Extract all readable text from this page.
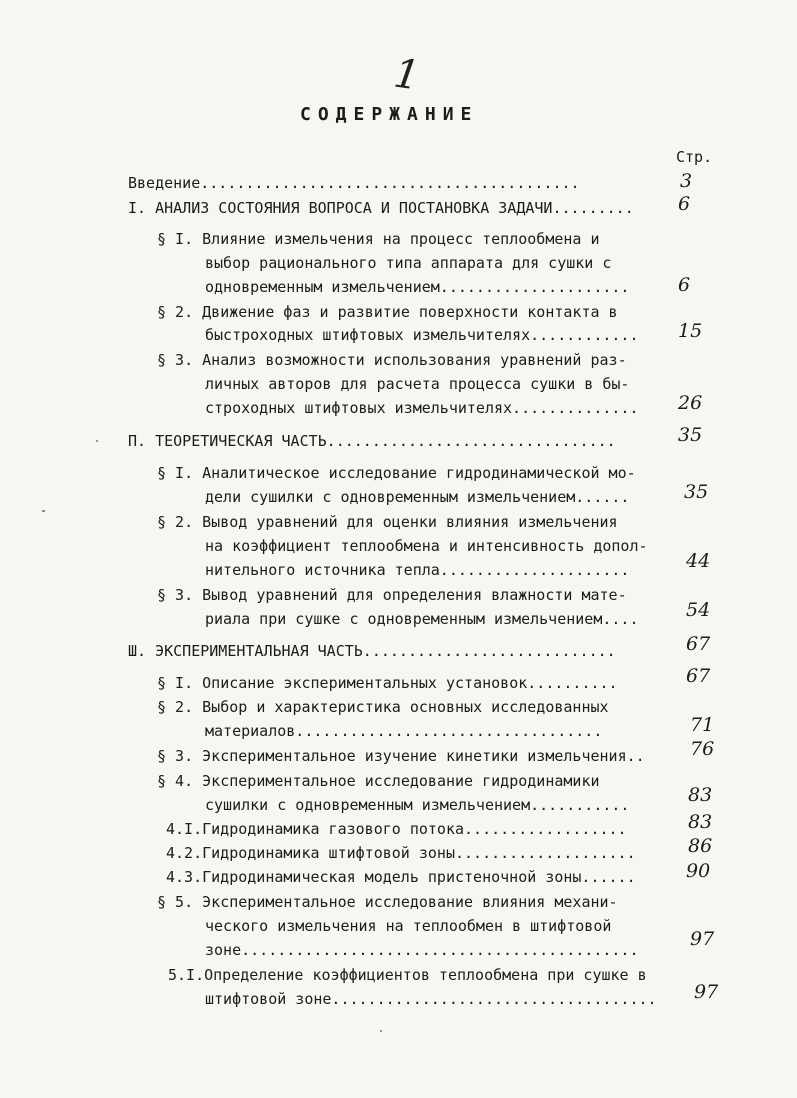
1
СОДЕРЖАНИЕ
Стр.
Введение..........................................	3
I. АНАЛИЗ СОСТОЯНИЯ ВОПРОСА И ПОСТАНОВКА ЗАДАЧИ......... 6
§ I. Влияние измельчения на процесс теплообмена и
выбор рационального типа аппарата для сушки с
одновременным измельчением.....................	6
§ 2. Движение фаз и развитие поверхности контакта в
быстроходных штифтовых измельчителях............ 15
§ 3. Анализ возможности использования уравнений раз-
личных авторов для расчета процесса сушки в бы-
строходных штифтовых измельчителях.............. 26
П. ТЕОРЕТИЧЕСКАЯ ЧАСТЬ................................	35
§ I. Аналитическое исследование гидродинамической мо-
дели сушилки с одновременным измельчением......	35
§ 2. Вывод уравнений для оценки влияния измельчения
на коэффициент теплообмена и интенсивность допол-
нительного источника тепла.....................	44
§ 3. Вывод уравнений для определения влажности мате-
риала при сушке с одновременным измельчением....	54
Ш. ЭКСПЕРИМЕНТАЛЬНАЯ ЧАСТЬ............................	67
§ I. Описание экспериментальных установок..........	67
§ 2. Выбор и характеристика основных исследованных
материалов..................................	71
§ 3. Экспериментальное изучение кинетики измельчения.. 76
§ 4. Экспериментальное исследование гидродинамики
сушилки с одновременным измельчением...........	83
4.I.Гидродинамика газового потока..................	83
4.2.Гидродинамика штифтовой зоны....................	86
4.3.Гидродинамическая модель пристеночной зоны......	90
§ 5. Экспериментальное исследование влияния механи-
ческого измельчения на теплообмен в штифтовой
зоне............................................	97
5.I.Определение коэффициентов теплообмена при сушке в
штифтовой зоне.................................... 97
